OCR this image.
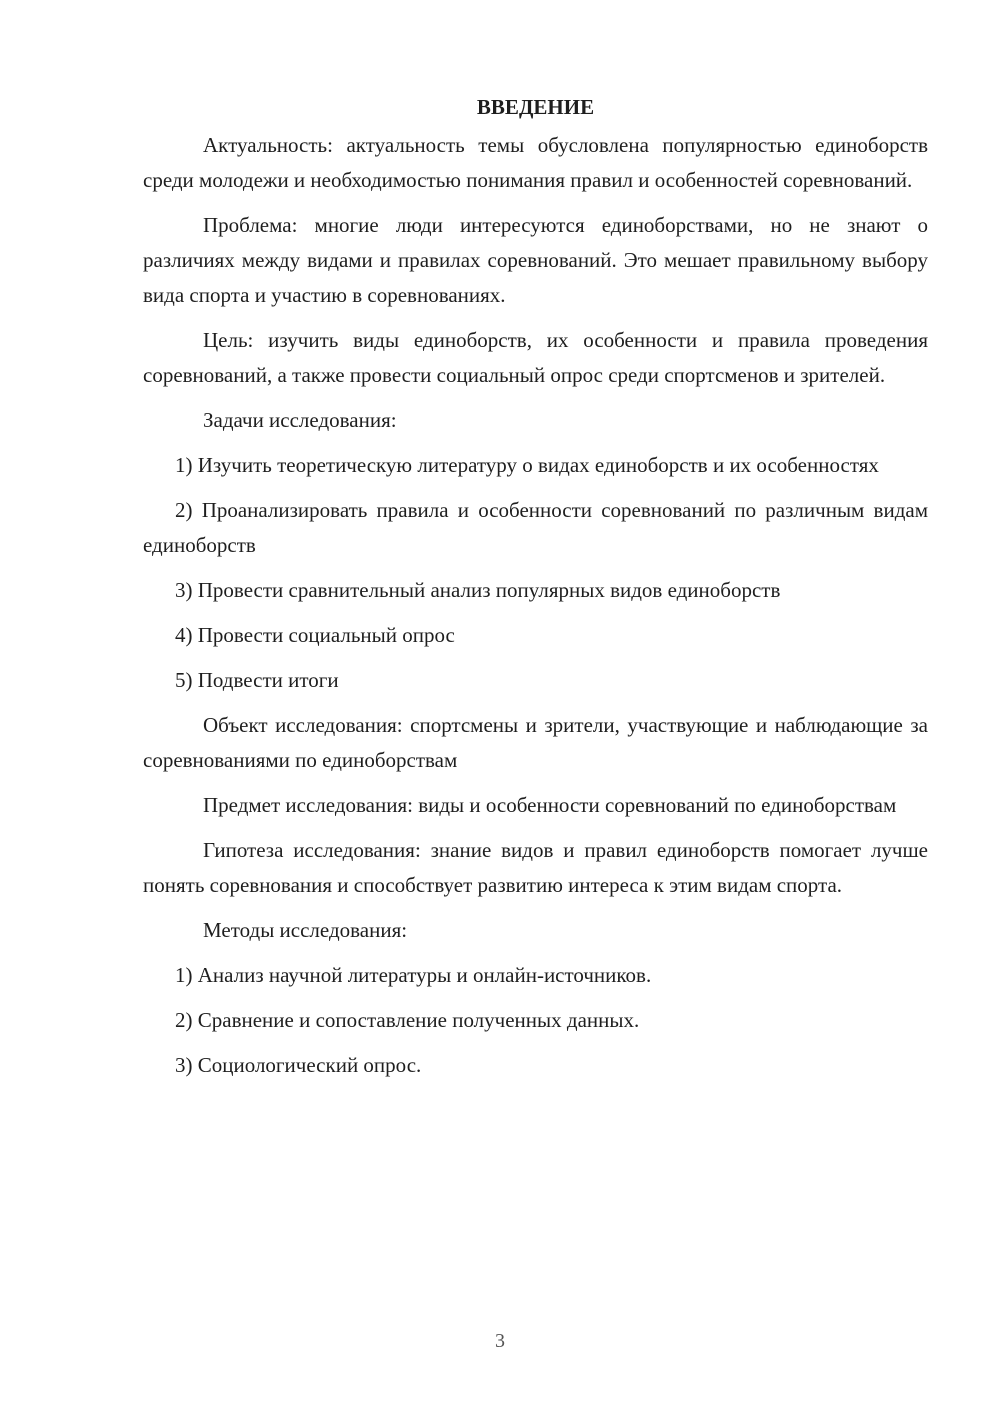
ВВЕДЕНИЕ

Актуальность: актуальность темы обусловлена популярностью единоборств среди молодежи и необходимостью понимания правил и особенностей соревнований.

Проблема: многие люди интересуются единоборствами, но не знают о различиях между видами и правилах соревнований. Это мешает правильному выбору вида спорта и участию в соревнованиях.

Цель: изучить виды единоборств, их особенности и правила проведения соревнований, а также провести социальный опрос среди спортсменов и зрителей.

Задачи исследования:

1) Изучить теоретическую литературу о видах единоборств и их особенностях

2) Проанализировать правила и особенности соревнований по различным видам единоборств

3) Провести сравнительный анализ популярных видов единоборств

4) Провести социальный опрос

5) Подвести итоги

Объект исследования: спортсмены и зрители, участвующие и наблюдающие за соревнованиями по единоборствам

Предмет исследования: виды и особенности соревнований по единоборствам

Гипотеза исследования: знание видов и правил единоборств помогает лучше понять соревнования и способствует развитию интереса к этим видам спорта.

Методы исследования:

1) Анализ научной литературы и онлайн-источников.

2) Сравнение и сопоставление полученных данных.

3) Социологический опрос.

3
